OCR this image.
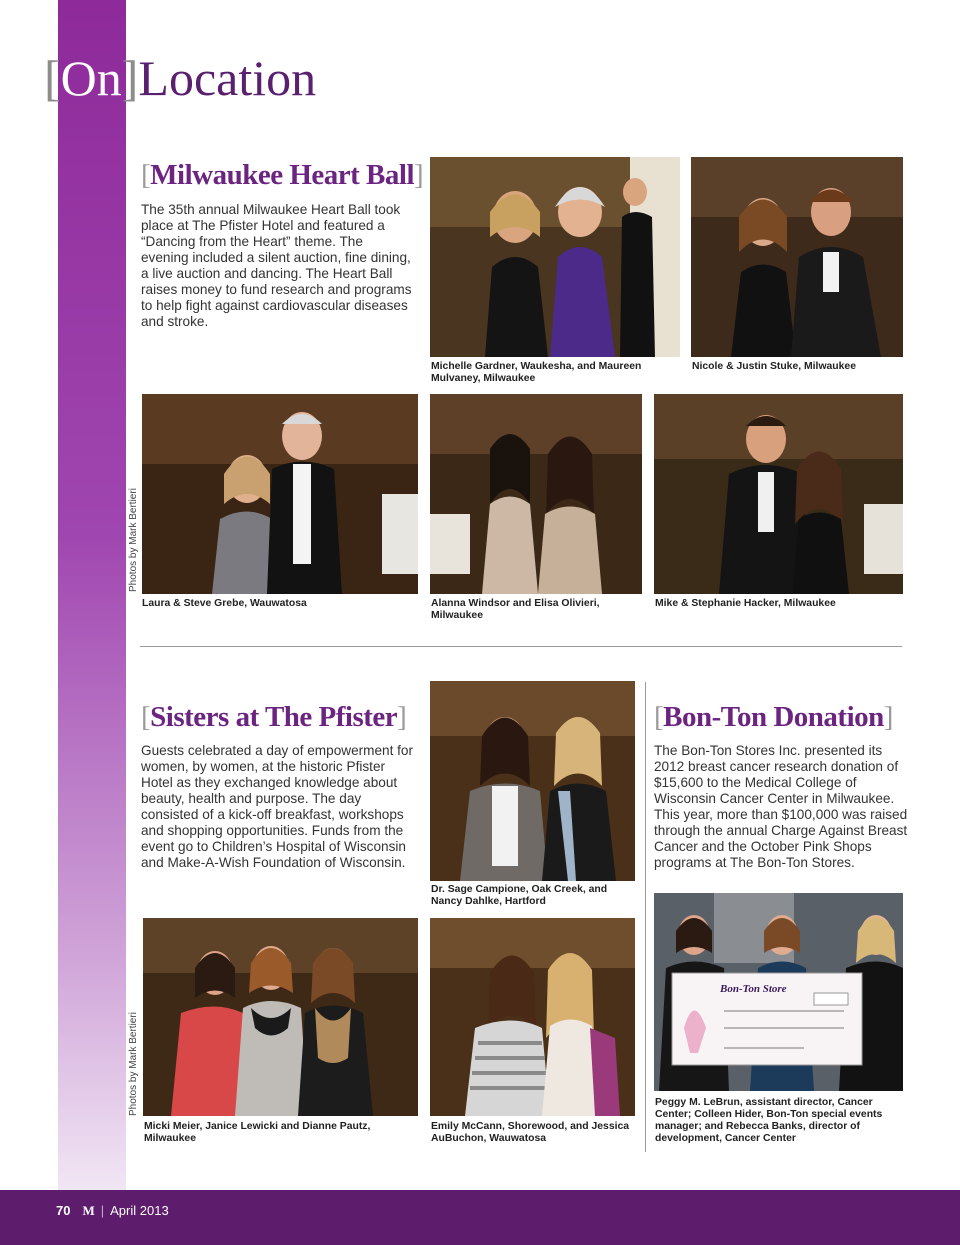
[On]Location
[Milwaukee Heart Ball]
The 35th annual Milwaukee Heart Ball took place at The Pfister Hotel and featured a “Dancing from the Heart” theme. The evening included a silent auction, fine dining, a live auction and dancing. The Heart Ball raises money to fund research and programs to help fight against cardiovascular diseases and stroke.
Michelle Gardner, Waukesha, and Maureen Mulvaney, Milwaukee
Nicole & Justin Stuke, Milwaukee
Photos by Mark Bertieri
Laura & Steve Grebe, Wauwatosa	Alanna Windsor and Elisa Olivieri, Milwaukee
Mike & Stephanie Hacker, Milwaukee
[Sisters at The Pfister]
Guests celebrated a day of empowerment for women, by women, at the historic Pfister Hotel as they exchanged knowledge about beauty, health and purpose. The day consisted of a kick-off breakfast, workshops and shopping opportunities. Funds from the event go to Children’s Hospital of Wisconsin and Make-A-Wish Foundation of Wisconsin.
Dr. Sage Campione, Oak Creek, and Nancy Dahlke, Hartford
Photos by Mark Bertieri
Micki Meier, Janice Lewicki and Dianne Pautz, Milwaukee
Emily McCann, Shorewood, and Jessica AuBuchon, Wauwatosa
[Bon-Ton Donation]
The Bon-Ton Stores Inc. presented its 2012 breast cancer research donation of $15,600 to the Medical College of Wisconsin Cancer Center in Milwaukee. This year, more than $100,000 was raised through the annual Charge Against Breast Cancer and the October Pink Shops programs at The Bon-Ton Stores.
Bon-Ton Store
Peggy M. LeBrun, assistant director, Cancer Center; Colleen Hider, Bon-Ton special events manager; and Rebecca Banks, director of development, Cancer Center
70 M | April 2013
